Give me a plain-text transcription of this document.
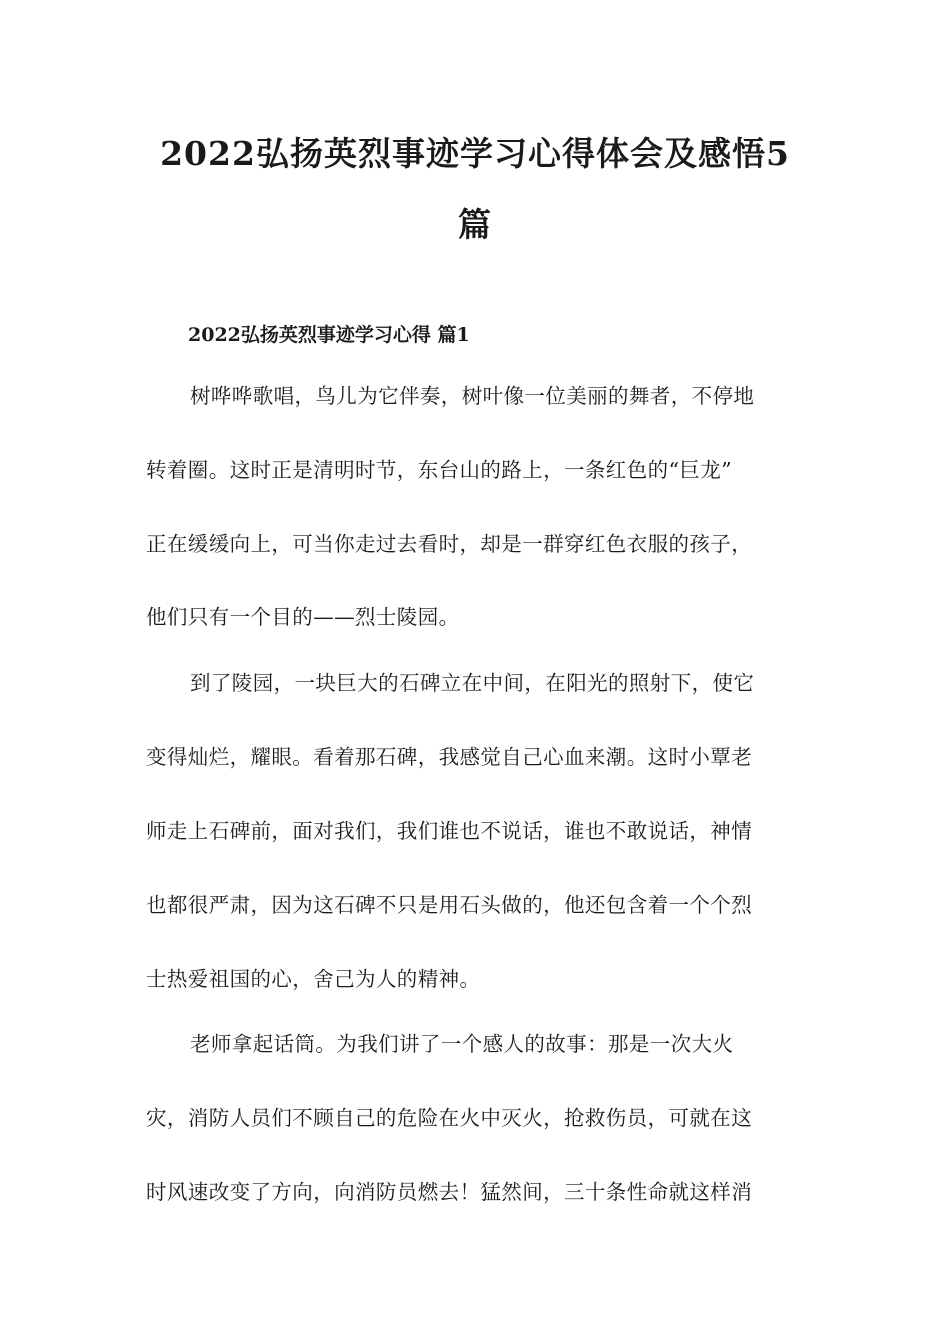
2022弘扬英烈事迹学习心得体会及感悟5
篇
2022弘扬英烈事迹学习心得 篇1
树哗哗歌唱，鸟儿为它伴奏，树叶像一位美丽的舞者，不停地
转着圈。这时正是清明时节，东台山的路上，一条红色的“巨龙”
正在缓缓向上，可当你走过去看时，却是一群穿红色衣服的孩子，
他们只有一个目的——烈士陵园。
到了陵园，一块巨大的石碑立在中间，在阳光的照射下，使它
变得灿烂，耀眼。看着那石碑，我感觉自己心血来潮。这时小覃老
师走上石碑前，面对我们，我们谁也不说话，谁也不敢说话，神情
也都很严肃，因为这石碑不只是用石头做的，他还包含着一个个烈
士热爱祖国的心，舍己为人的精神。
老师拿起话筒。为我们讲了一个感人的故事：那是一次大火
灾，消防人员们不顾自己的危险在火中灭火，抢救伤员，可就在这
时风速改变了方向，向消防员燃去！猛然间，三十条性命就这样消
